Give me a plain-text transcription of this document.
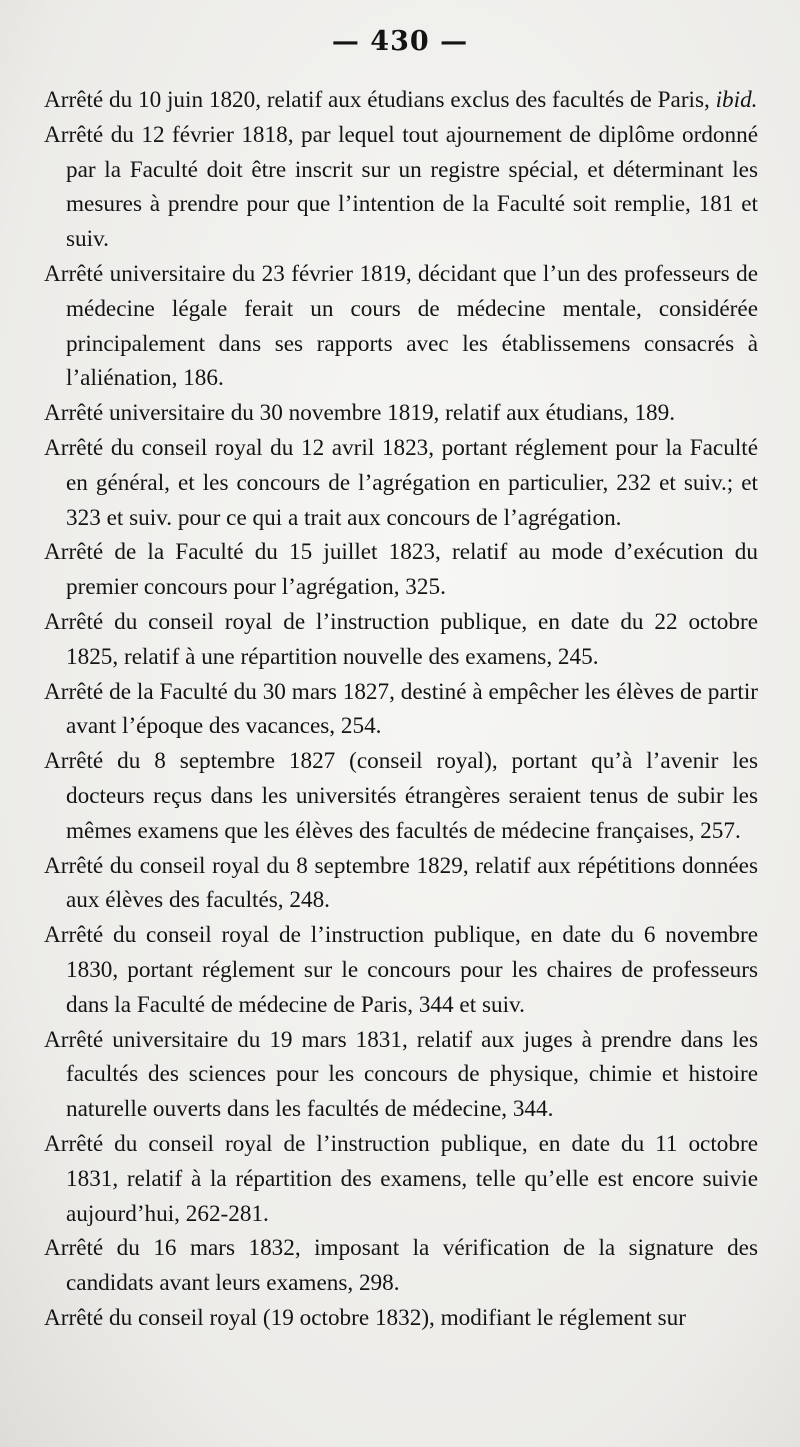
— 430 —
Arrêté du 10 juin 1820, relatif aux étudians exclus des facultés de Paris, ibid.
Arrêté du 12 février 1818, par lequel tout ajournement de diplôme ordonné par la Faculté doit être inscrit sur un registre spécial, et déterminant les mesures à prendre pour que l’intention de la Faculté soit remplie, 181 et suiv.
Arrêté universitaire du 23 février 1819, décidant que l’un des professeurs de médecine légale ferait un cours de médecine mentale, considérée principalement dans ses rapports avec les établissemens consacrés à l’aliénation, 186.
Arrêté universitaire du 30 novembre 1819, relatif aux étudians, 189.
Arrêté du conseil royal du 12 avril 1823, portant réglement pour la Faculté en général, et les concours de l’agrégation en particulier, 232 et suiv.; et 323 et suiv. pour ce qui a trait aux concours de l’agrégation.
Arrêté de la Faculté du 15 juillet 1823, relatif au mode d’exécution du premier concours pour l’agrégation, 325.
Arrêté du conseil royal de l’instruction publique, en date du 22 octobre 1825, relatif à une répartition nouvelle des examens, 245.
Arrêté de la Faculté du 30 mars 1827, destiné à empêcher les élèves de partir avant l’époque des vacances, 254.
Arrêté du 8 septembre 1827 (conseil royal), portant qu’à l’avenir les docteurs reçus dans les universités étrangères seraient tenus de subir les mêmes examens que les élèves des facultés de médecine françaises, 257.
Arrêté du conseil royal du 8 septembre 1829, relatif aux répétitions données aux élèves des facultés, 248.
Arrêté du conseil royal de l’instruction publique, en date du 6 novembre 1830, portant réglement sur le concours pour les chaires de professeurs dans la Faculté de médecine de Paris, 344 et suiv.
Arrêté universitaire du 19 mars 1831, relatif aux juges à prendre dans les facultés des sciences pour les concours de physique, chimie et histoire naturelle ouverts dans les facultés de médecine, 344.
Arrêté du conseil royal de l’instruction publique, en date du 11 octobre 1831, relatif à la répartition des examens, telle qu’elle est encore suivie aujourd’hui, 262-281.
Arrêté du 16 mars 1832, imposant la vérification de la signature des candidats avant leurs examens, 298.
Arrêté du conseil royal (19 octobre 1832), modifiant le réglement sur
